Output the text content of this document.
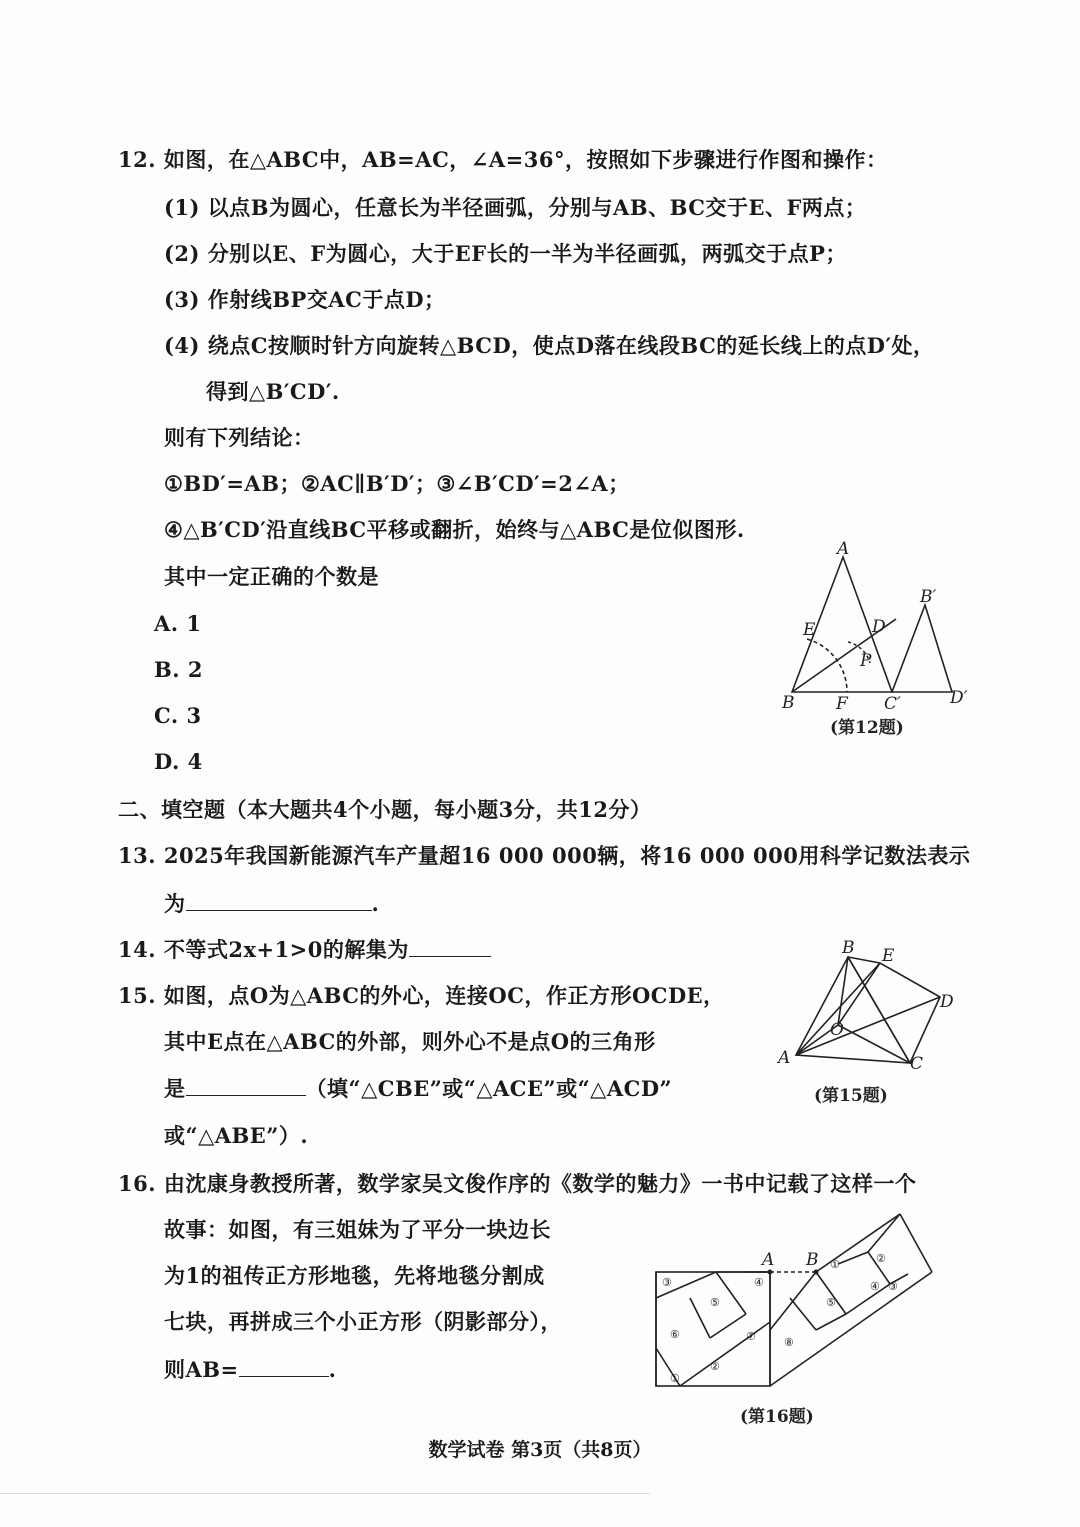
12. 如图，在△ABC中，AB=AC，∠A=36°，按照如下步骤进行作图和操作：
(1) 以点B为圆心，任意长为半径画弧，分别与AB、BC交于E、F两点；
(2) 分别以E、F为圆心，大于EF长的一半为半径画弧，两弧交于点P；
(3) 作射线BP交AC于点D；
(4) 绕点C按顺时针方向旋转△BCD，使点D落在线段BC的延长线上的点D′处，
得到△B′CD′.
则有下列结论：
①BD′=AB；②AC∥B′D′；③∠B′CD′=2∠A；
④△B′CD′沿直线BC平移或翻折，始终与△ABC是位似图形.
其中一定正确的个数是
A. 1
B. 2
C. 3
D. 4
A
B	C′
D
E
F
P
B′
D′
(第12题)
二、填空题（本大题共4个小题，每小题3分，共12分）
13. 2025年我国新能源汽车产量超16 000 000辆，将16 000 000用科学记数法表示
为	.
14. 不等式2x+1>0的解集为
15. 如图，点O为△ABC的外心，连接OC，作正方形OCDE，
其中E点在△ABC的外部，则外心不是点O的三角形
是	（填“△CBE”或“△ACE”或“△ACD”
或“△ABE”）.
A
B
C
D
E
O
(第15题)
16. 由沈康身教授所著，数学家吴文俊作序的《数学的魅力》一书中记载了这样一个
故事：如图，有三姐妹为了平分一块边长
为1的祖传正方形地毯，先将地毯分割成
七块，再拼成三个小正方形（阴影部分），
则AB=	.
A B
③	④
⑤
⑥	⑦
②
①
⑧
⑤
①	②
④ ③
(第16题)
数学试卷 第3页（共8页）
